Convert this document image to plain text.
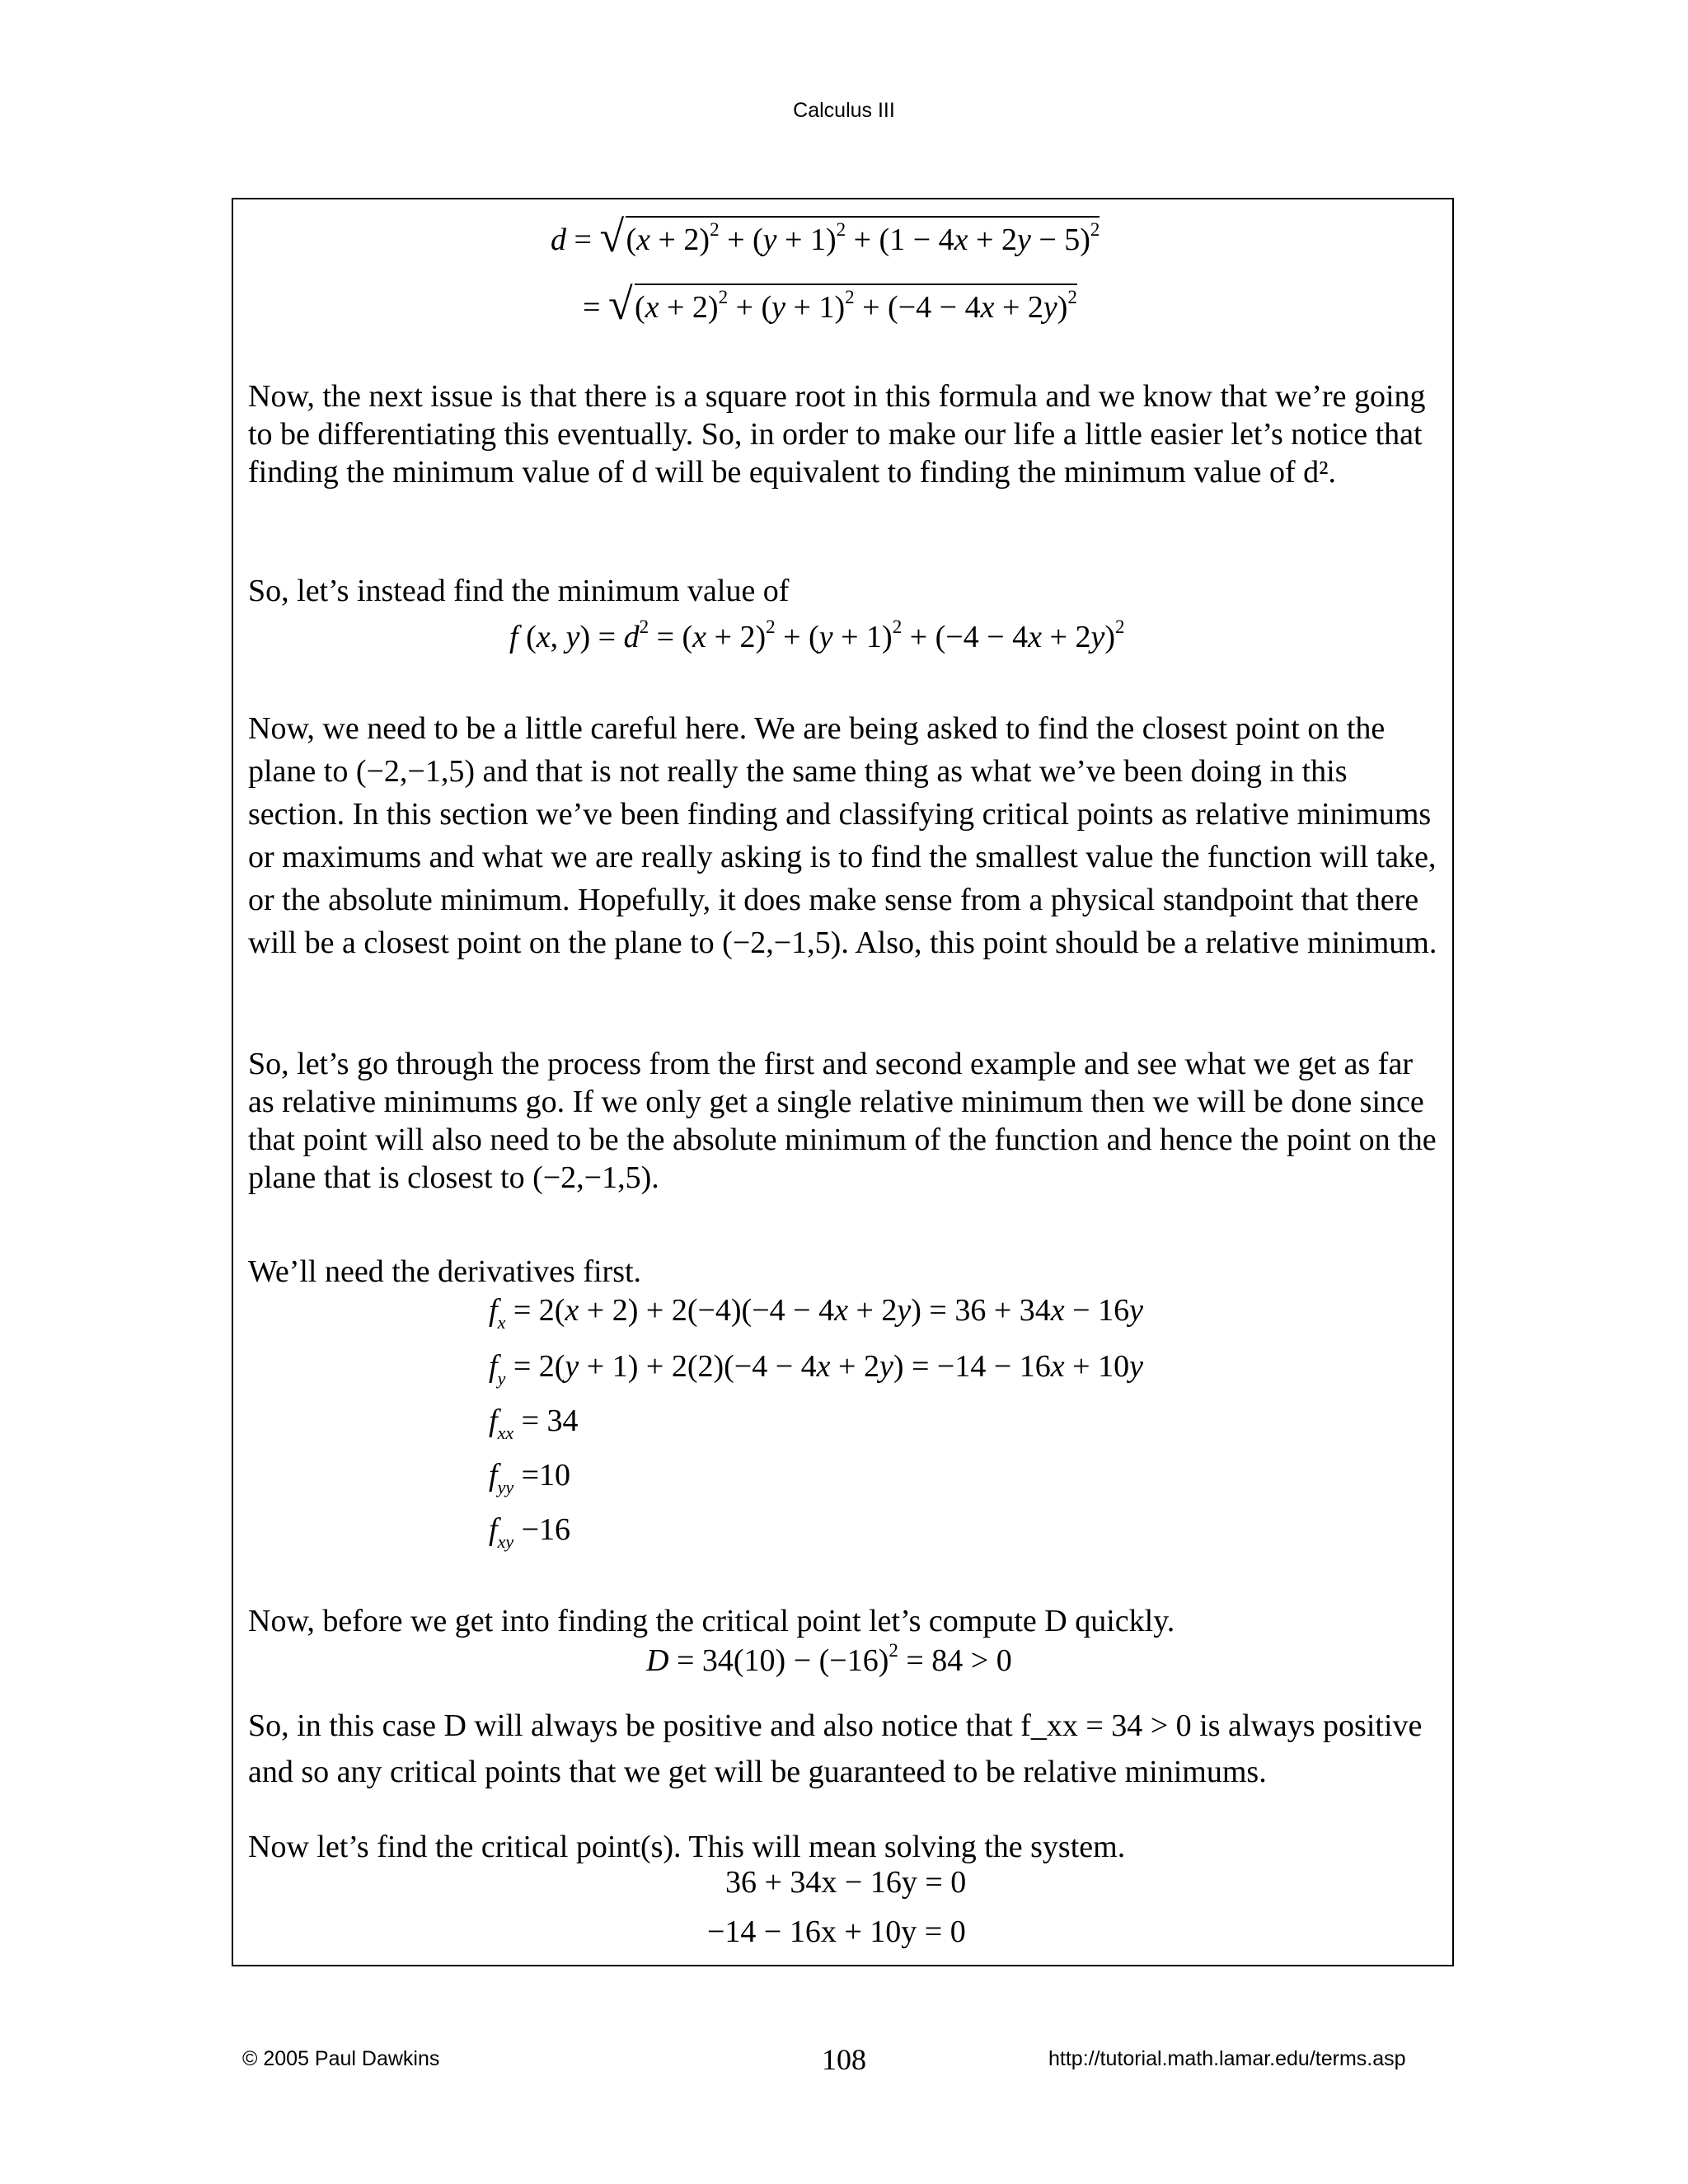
Calculus III
d = √ $(x + 2)^2 + (y + 1)^2 + (1 - 4x + 2y - 5)^2$
= √ $(x + 2)^2 + (y + 1)^2 + (-4 - 4x + 2y)^2$
Now, the next issue is that there is a square root in this formula and we know that we’re going to be differentiating this eventually. So, in order to make our life a little easier let’s notice that finding the minimum value of d will be equivalent to finding the minimum value of d².
So, let’s instead find the minimum value of
f (x, $y) = d^2 = (x + 2)^2 + (y + 1)^2 + (-4 - 4x + 2y)^2$
Now, we need to be a little careful here. We are being asked to find the closest point on the plane to (−2,−1,5) and that is not really the same thing as what we’ve been doing in this section. In this section we’ve been finding and classifying critical points as relative minimums or maximums and what we are really asking is to find the smallest value the function will take, or the absolute minimum. Hopefully, it does make sense from a physical standpoint that there will be a closest point on the plane to (−2,−1,5). Also, this point should be a relative minimum.
So, let’s go through the process from the first and second example and see what we get as far as relative minimums go. If we only get a single relative minimum then we will be done since that point will also need to be the absolute minimum of the function and hence the point on the plane that is closest to (−2,−1,5).
We’ll need the derivatives first.
$f_x = 2(x + 2) + 2(-4)(-4 - 4x + 2y) = 36 + 34x - 16y$
$f_y = 2(y + 1) + 2(2)(-4 - 4x + 2y) = -14 - 16x + 10y$
$f_{xx} = 34$
$f_{yy} =10$
$f_{xy} -16$
Now, before we get into finding the critical point let’s compute D quickly.
$D = 34(10) - (-16)^2 = 84 > 0$
So, in this case D will always be positive and also notice that f_xx = 34 > 0 is always positive and so any critical points that we get will be guaranteed to be relative minimums.
Now let’s find the critical point(s). This will mean solving the system.
36 + 34x − 16y = 0
−14 − 16x + 10y = 0
© 2005 Paul Dawkins	108	http://tutorial.math.lamar.edu/terms.asp
